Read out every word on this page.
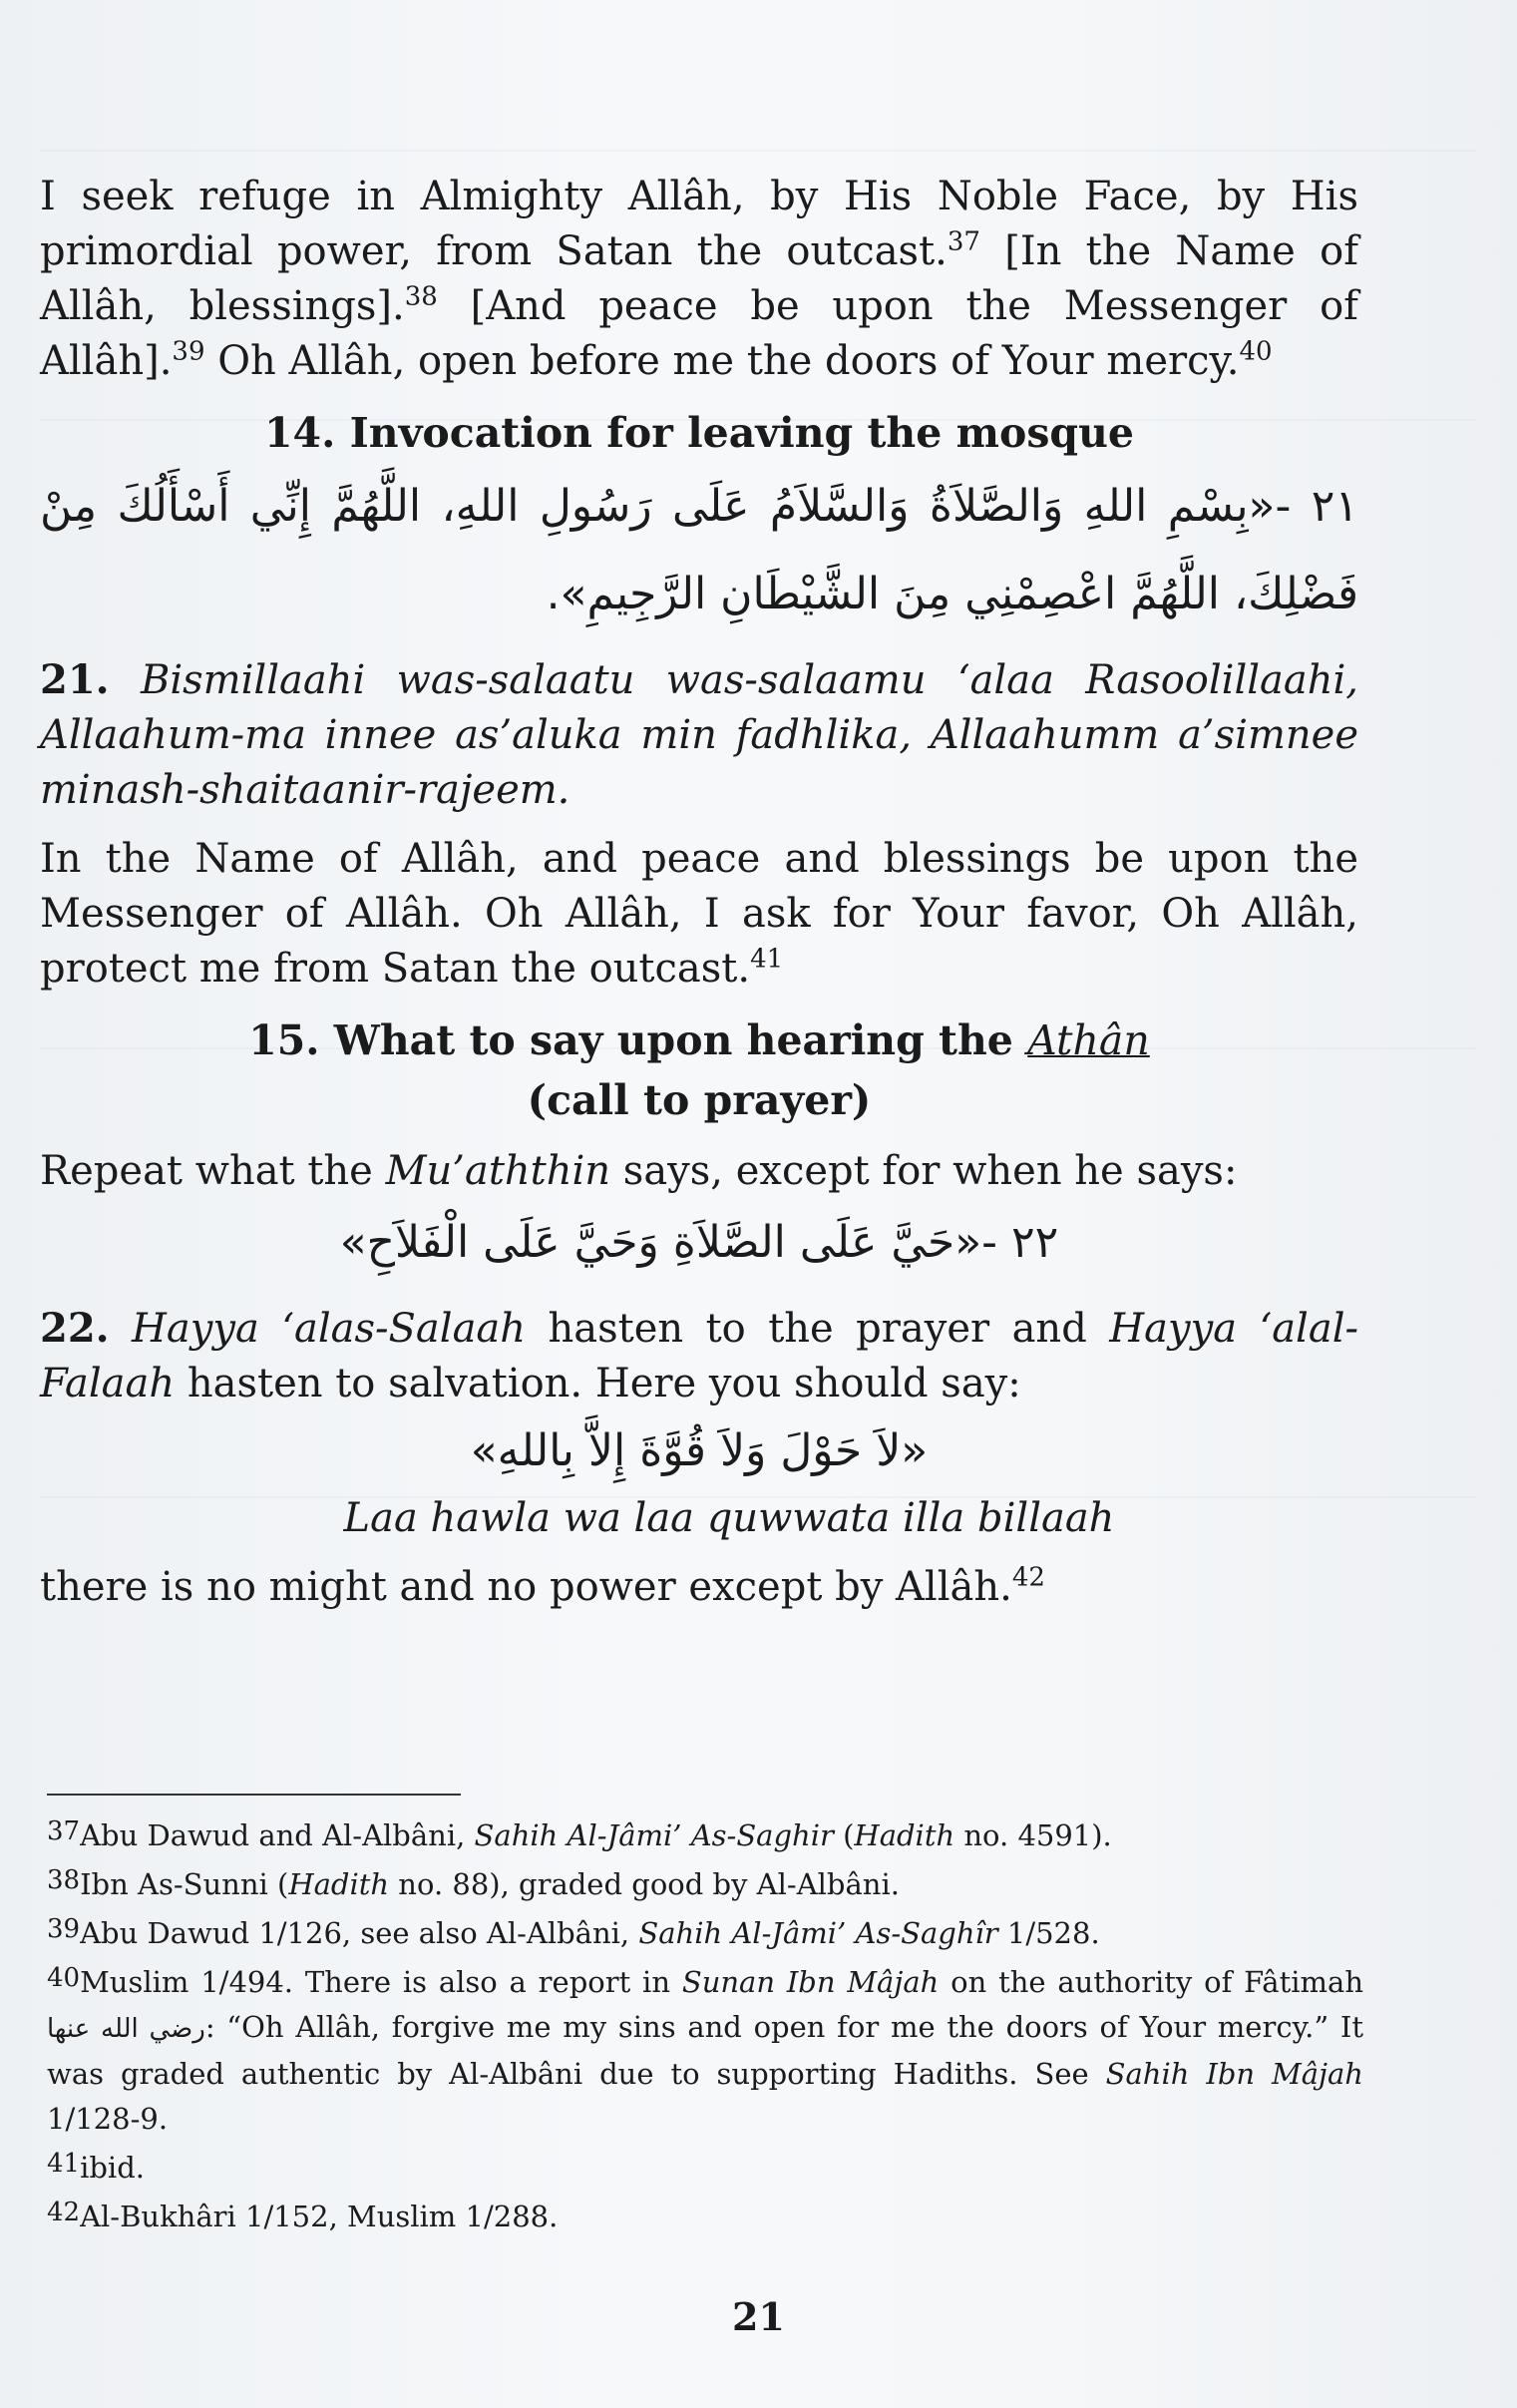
I seek refuge in Almighty Allâh, by His Noble Face, by His primordial power, from Satan the outcast.$^{37}$ [In the Name of Allâh, blessings].$^{38}$ [And peace be upon the Messenger of Allâh].$^{39}$ Oh Allâh, open before me the doors of Your mercy.$^{40}$

14. Invocation for leaving the mosque

٢١ -«بِسْمِ اللهِ وَالصَّلاَةُ وَالسَّلاَمُ عَلَى رَسُولِ اللهِ، اللَّهُمَّ إِنِّي أَسْأَلُكَ مِنْ فَضْلِكَ، اللَّهُمَّ اعْصِمْنِي مِنَ الشَّيْطَانِ الرَّجِيمِ».

21. Bismillaahi was-salaatu was-salaamu ‘alaa Rasoolillaahi, Allaahum-ma innee as’aluka min fadhlika, Allaahumm a’simnee minash-shaitaanir-rajeem.

In the Name of Allâh, and peace and blessings be upon the Messenger of Allâh. Oh Allâh, I ask for Your favor, Oh Allâh, protect me from Satan the outcast.$^{41}$

15. What to say upon hearing the Athân

(call to prayer)

Repeat what the Mu’aththin says, except for when he says:

٢٢ -«حَيَّ عَلَى الصَّلاَةِ وَحَيَّ عَلَى الْفَلاَحِ»

22. Hayya ‘alas-Salaah hasten to the prayer and Hayya ‘alal-Falaah hasten to salvation. Here you should say:

«لاَ حَوْلَ وَلاَ قُوَّةَ إِلاَّ بِاللهِ»

Laa hawla wa laa quwwata illa billaah

there is no might and no power except by Allâh.$^{42}$

$^{37}$Abu Dawud and Al-Albâni, Sahih Al-Jâmi’ As-Saghir (Hadith no. 4591).

$^{38}$Ibn As-Sunni (Hadith no. 88), graded good by Al-Albâni.

$^{39}$Abu Dawud 1/126, see also Al-Albâni, Sahih Al-Jâmi’ As-Saghîr 1/528.

$^{40}$Muslim 1/494. There is also a report in Sunan Ibn Mâjah on the authority of Fâtimah رضي الله عنها: “Oh Allâh, forgive me my sins and open for me the doors of Your mercy.” It was graded authentic by Al-Albâni due to supporting Hadiths. See Sahih Ibn Mâjah 1/128-9.

$^{41}$ibid.

$^{42}$Al-Bukhâri 1/152, Muslim 1/288.

21
